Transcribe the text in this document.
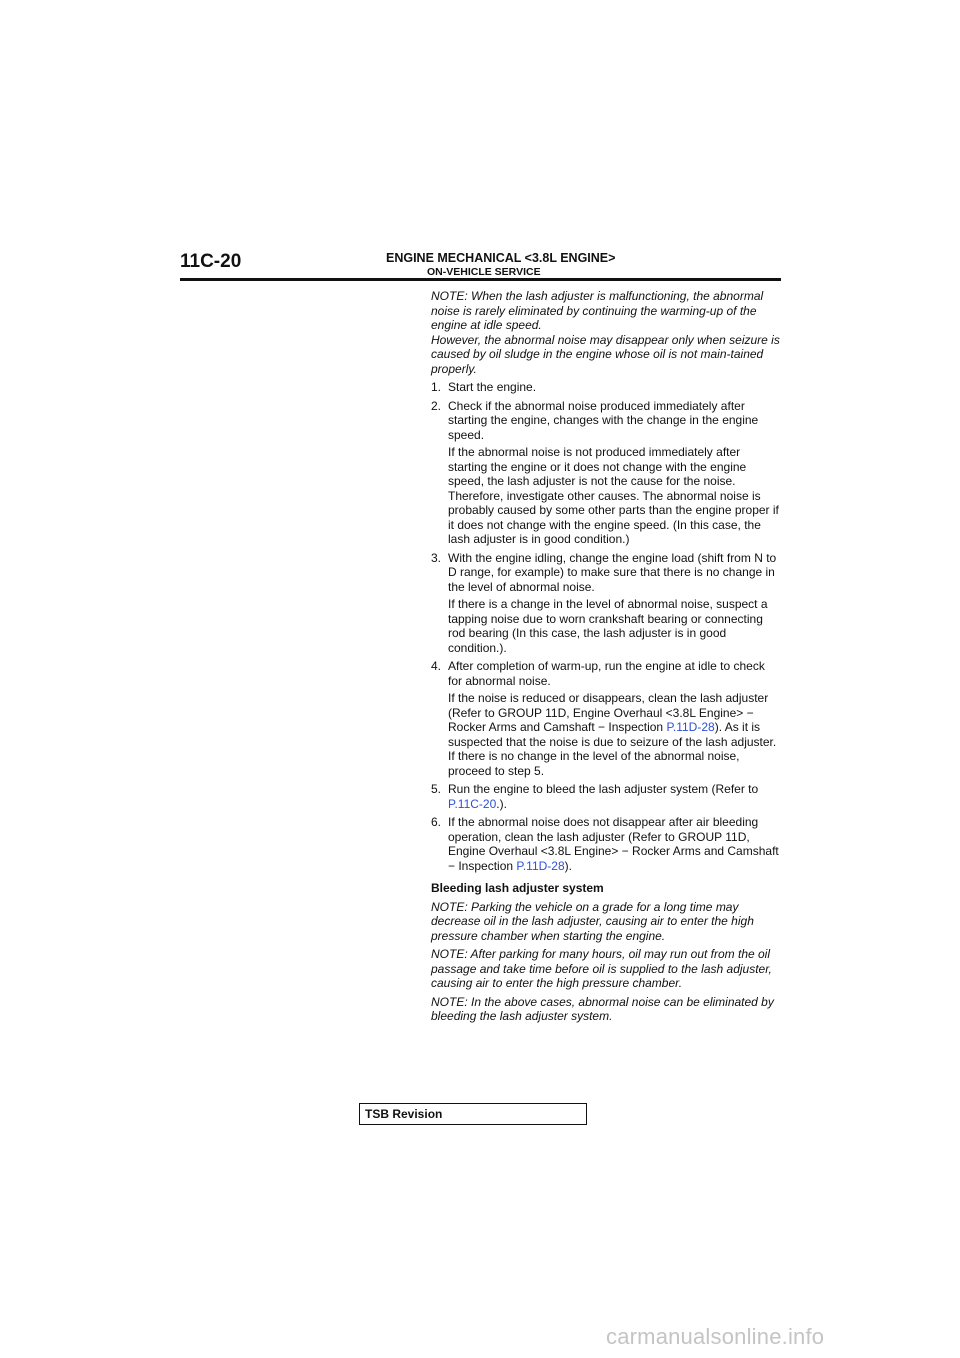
11C-20	ENGINE MECHANICAL <3.8L ENGINE>
ON-VEHICLE SERVICE

NOTE: When the lash adjuster is malfunctioning, the abnormal noise is rarely eliminated by continuing the warming-up of the engine at idle speed.

However, the abnormal noise may disappear only when seizure is caused by oil sludge in the engine whose oil is not main-tained properly.

1. Start the engine.
2. Check if the abnormal noise produced immediately after starting the engine, changes with the change in the engine speed.
If the abnormal noise is not produced immediately after starting the engine or it does not change with the engine speed, the lash adjuster is not the cause for the noise. Therefore, investigate other causes. The abnormal noise is probably caused by some other parts than the engine proper if it does not change with the engine speed. (In this case, the lash adjuster is in good condition.)
3. With the engine idling, change the engine load (shift from N to D range, for example) to make sure that there is no change in the level of abnormal noise.
If there is a change in the level of abnormal noise, suspect a tapping noise due to worn crankshaft bearing or connecting rod bearing (In this case, the lash adjuster is in good condition.).
4. After completion of warm-up, run the engine at idle to check for abnormal noise.
If the noise is reduced or disappears, clean the lash adjuster (Refer to GROUP 11D, Engine Overhaul <3.8L Engine> − Rocker Arms and Camshaft − Inspection P.11D-28). As it is suspected that the noise is due to seizure of the lash adjuster. If there is no change in the level of the abnormal noise, proceed to step 5.
5. Run the engine to bleed the lash adjuster system (Refer to P.11C-20.).
6. If the abnormal noise does not disappear after air bleeding operation, clean the lash adjuster (Refer to GROUP 11D, Engine Overhaul <3.8L Engine> − Rocker Arms and Camshaft − Inspection P.11D-28).
Bleeding lash adjuster system

NOTE: Parking the vehicle on a grade for a long time may decrease oil in the lash adjuster, causing air to enter the high pressure chamber when starting the engine.

NOTE: After parking for many hours, oil may run out from the oil passage and take time before oil is supplied to the lash adjuster, causing air to enter the high pressure chamber.

NOTE: In the above cases, abnormal noise can be eliminated by bleeding the lash adjuster system.

TSB Revision
carmanualsonline.info
